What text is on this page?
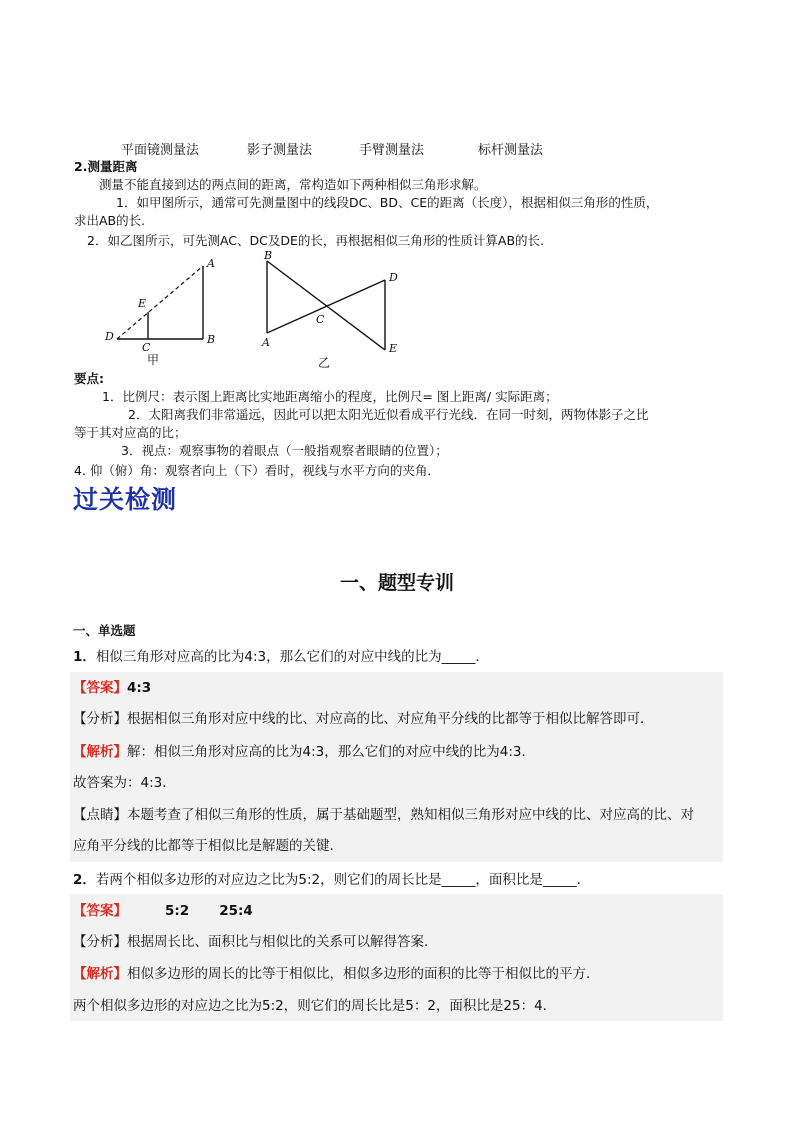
平面镜测量法	影子测量法	手臂测量法	标杆测量法
2.测量距离
测量不能直接到达的两点间的距离，常构造如下两种相似三角形求解。
1．如甲图所示，通常可先测量图中的线段DC、BD、CE的距离（长度），根据相似三角形的性质，
求出AB的长.
2．如乙图所示，可先测AC、DC及DE的长，再根据相似三角形的性质计算AB的长.
A
E
D
C
B
甲
B
D
C
A	E
乙
要点:
1．比例尺：表示图上距离比实地距离缩小的程度，比例尺= 图上距离/ 实际距离；
2．太阳离我们非常遥远，因此可以把太阳光近似看成平行光线．在同一时刻，两物体影子之比
等于其对应高的比；
3．视点：观察事物的着眼点（一般指观察者眼睛的位置）；
4. 仰（俯）角：观察者向上（下）看时，视线与水平方向的夹角．
过关检测
一、题型专训
一、单选题
1．相似三角形对应高的比为4:3，那么它们的对应中线的比为_____．
【答案】4:3
【分析】根据相似三角形对应中线的比、对应高的比、对应角平分线的比都等于相似比解答即可．
【解析】解：相似三角形对应高的比为4:3，那么它们的对应中线的比为4:3．
故答案为：4:3．
【点睛】本题考查了相似三角形的性质，属于基础题型，熟知相似三角形对应中线的比、对应高的比、对
应角平分线的比都等于相似比是解题的关键．
2．若两个相似多边形的对应边之比为5:2，则它们的周长比是_____，面积比是_____．
【答案】	5:2 25:4
【分析】根据周长比、面积比与相似比的关系可以解得答案．
【解析】相似多边形的周长的比等于相似比，相似多边形的面积的比等于相似比的平方．
两个相似多边形的对应边之比为5:2，则它们的周长比是5：2，面积比是25：4．
